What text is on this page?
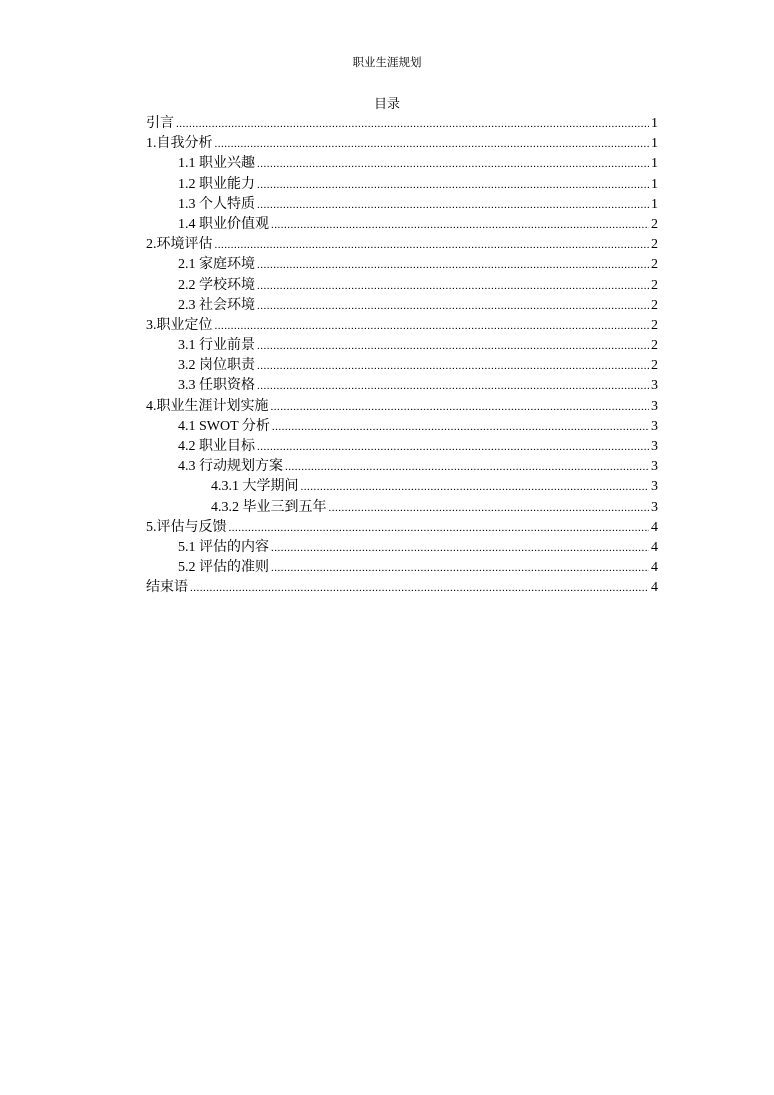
职业生涯规划
目录
引言 .....	1
1.自我分析 .....	1
1.1 职业兴趣 .....	1
1.2 职业能力 .....	1
1.3 个人特质 .....	1
1.4 职业价值观 .....	2
2.环境评估 .....	2
2.1 家庭环境 .....	2
2.2 学校环境 .....	2
2.3 社会环境 .....	2
3.职业定位 .....	2
3.1 行业前景 .....	2
3.2 岗位职责 .....	2
3.3 任职资格 .....	3
4.职业生涯计划实施 .....	3
4.1 SWOT 分析 .....	3
4.2 职业目标 .....	3
4.3 行动规划方案 .....	3
4.3.1 大学期间 .....	3
4.3.2 毕业三到五年 .....	3
5.评估与反馈 .....	4
5.1 评估的内容 .....	4
5.2 评估的准则 .....	4
结束语 .....	4
